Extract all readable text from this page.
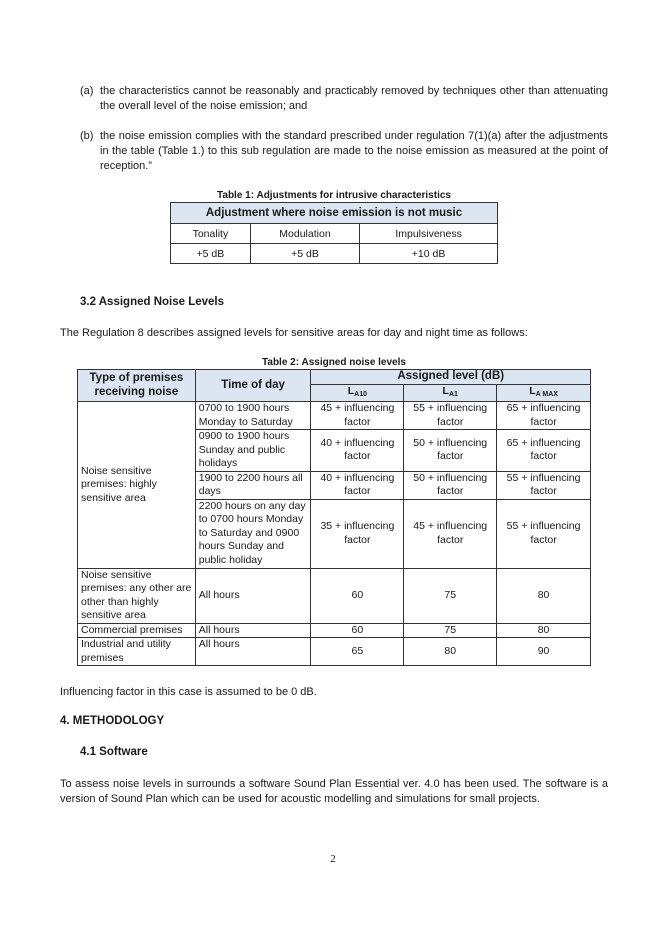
(a) the characteristics cannot be reasonably and practicably removed by techniques other than attenuating the overall level of the noise emission; and
(b) the noise emission complies with the standard prescribed under regulation 7(1)(a) after the adjustments in the table (Table 1.) to this sub regulation are made to the noise emission as measured at the point of reception.”
Table 1: Adjustments for intrusive characteristics
Adjustment where noise emission is not music		
Tonality	Modulation	Impulsiveness
+5 dB	+5 dB	+10 dB
3.2 Assigned Noise Levels
The Regulation 8 describes assigned levels for sensitive areas for day and night time as follows:
Table 2: Assigned noise levels
Type of premises receiving noise	Time of day	Assigned level (dB)		
		$L_{A10}$	$L_{A1}$	$L_{A MAX}$
Noise sensitive premises: highly sensitive area	0700 to 1900 hours Monday to Saturday	45 + influencing factor	55 + influencing factor	65 + influencing factor
	0900 to 1900 hours Sunday and public holidays	40 + influencing factor	50 + influencing factor	65 + influencing factor
	1900 to 2200 hours all days	40 + influencing factor	50 + influencing factor	55 + influencing factor
	2200 hours on any day to 0700 hours Monday to Saturday and 0900 hours Sunday and public holiday	35 + influencing factor	45 + influencing factor	55 + influencing factor
Noise sensitive premises: any other are other than highly sensitive area	All hours	60	75	80
Commercial premises	All hours	60	75	80
Industrial and utility premises	All hours	65	80	90
Influencing factor in this case is assumed to be 0 dB.
4. METHODOLOGY
4.1 Software
To assess noise levels in surrounds a software Sound Plan Essential ver. 4.0 has been used. The software is a version of Sound Plan which can be used for acoustic modelling and simulations for small projects.
2
